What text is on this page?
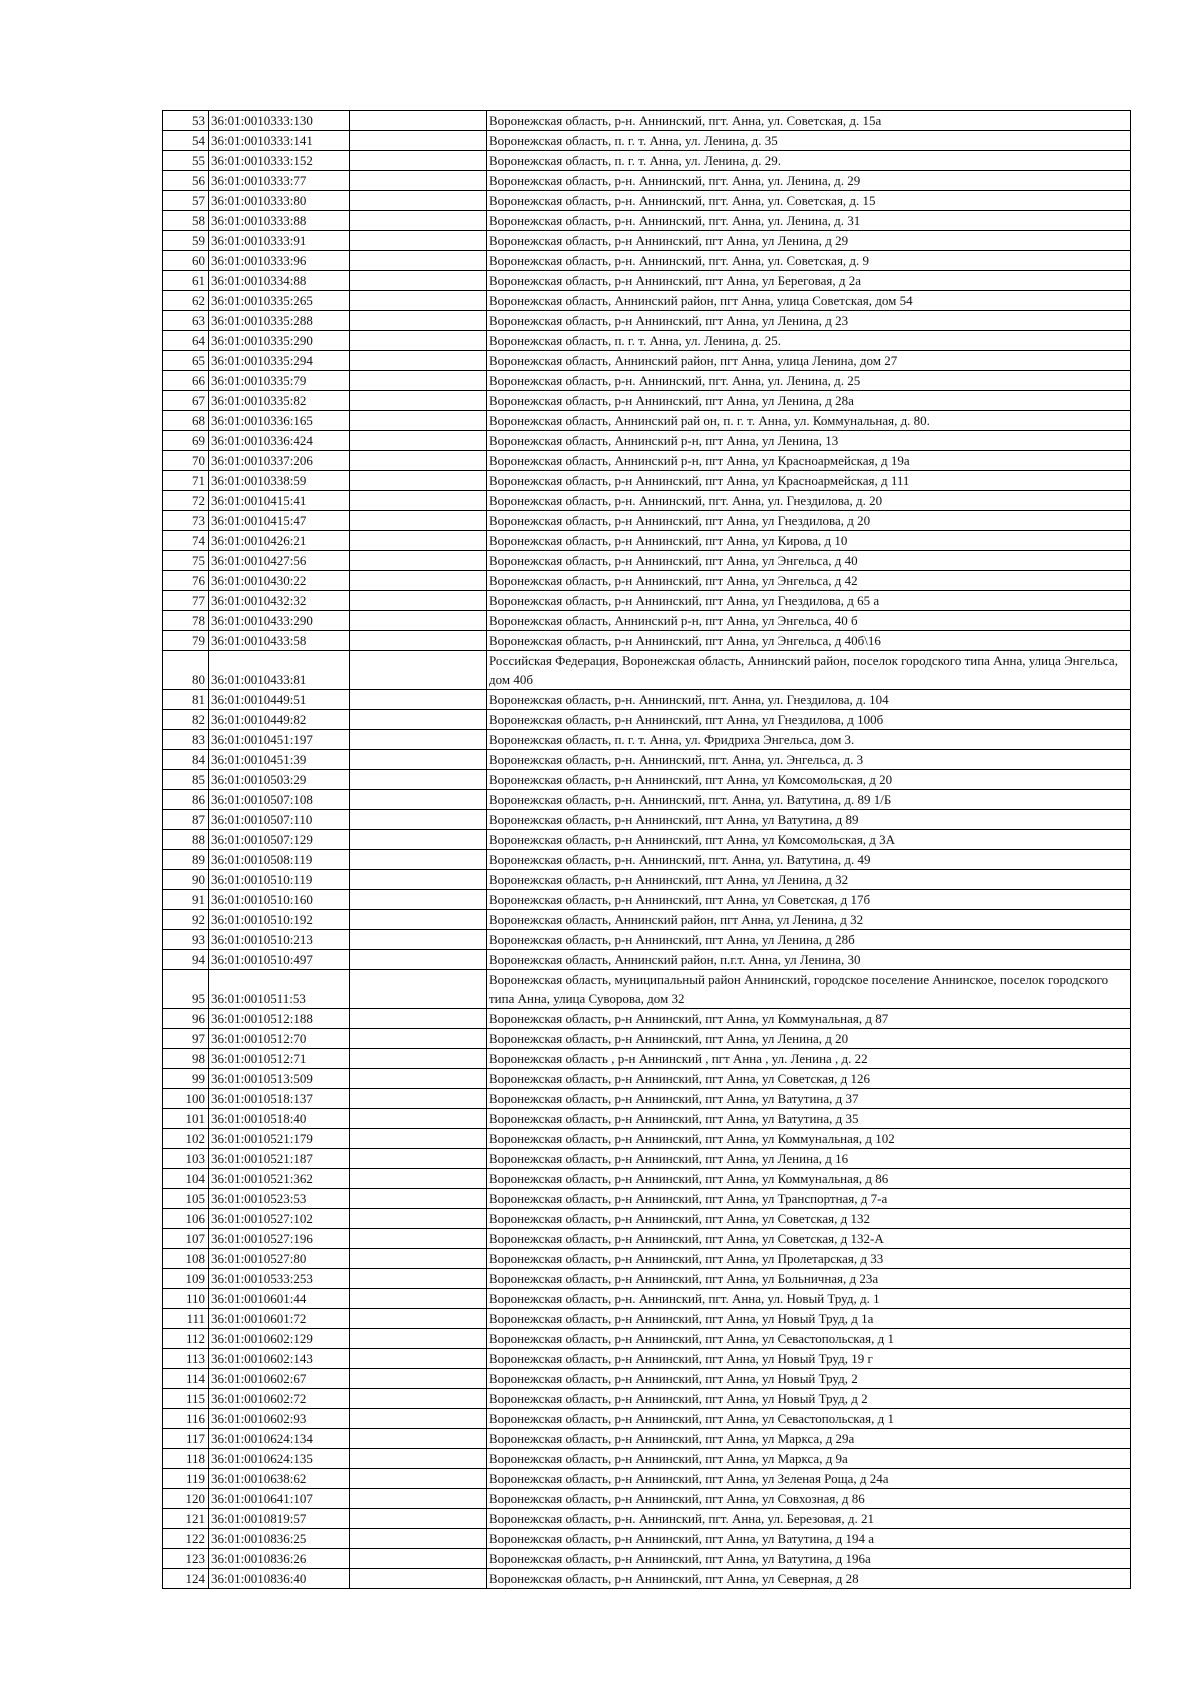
53	36:01:0010333:130		Воронежская область, р-н. Аннинский, пгт. Анна, ул. Советская, д. 15а
54	36:01:0010333:141		Воронежская область, п. г. т. Анна, ул. Ленина, д. 35
55	36:01:0010333:152		Воронежская область, п. г. т. Анна, ул. Ленина, д. 29.
56	36:01:0010333:77		Воронежская область, р-н. Аннинский, пгт. Анна, ул. Ленина, д. 29
57	36:01:0010333:80		Воронежская область, р-н. Аннинский, пгт. Анна, ул. Советская, д. 15
58	36:01:0010333:88		Воронежская область, р-н. Аннинский, пгт. Анна, ул. Ленина, д. 31
59	36:01:0010333:91		Воронежская область, р-н Аннинский, пгт Анна, ул Ленина, д 29
60	36:01:0010333:96		Воронежская область, р-н. Аннинский, пгт. Анна, ул. Советская, д. 9
61	36:01:0010334:88		Воронежская область, р-н Аннинский, пгт Анна, ул Береговая, д 2а
62	36:01:0010335:265		Воронежская область, Аннинский район, пгт Анна, улица Советская, дом 54
63	36:01:0010335:288		Воронежская область, р-н Аннинский, пгт Анна, ул Ленина, д 23
64	36:01:0010335:290		Воронежская область, п. г. т. Анна, ул. Ленина, д. 25.
65	36:01:0010335:294		Воронежская область, Аннинский район, пгт Анна, улица Ленина, дом 27
66	36:01:0010335:79		Воронежская область, р-н. Аннинский, пгт. Анна, ул. Ленина, д. 25
67	36:01:0010335:82		Воронежская область, р-н Аннинский, пгт Анна, ул Ленина, д 28а
68	36:01:0010336:165		Воронежская область, Аннинский рай он, п. г. т. Анна, ул. Коммунальная, д. 80.
69	36:01:0010336:424		Воронежская область, Аннинский р-н, пгт Анна, ул Ленина, 13
70	36:01:0010337:206		Воронежская область, Аннинский р-н, пгт Анна, ул Красноармейская, д 19а
71	36:01:0010338:59		Воронежская область, р-н Аннинский, пгт Анна, ул Красноармейская, д 111
72	36:01:0010415:41		Воронежская область, р-н. Аннинский, пгт. Анна, ул. Гнездилова, д. 20
73	36:01:0010415:47		Воронежская область, р-н Аннинский, пгт Анна, ул Гнездилова, д 20
74	36:01:0010426:21		Воронежская область, р-н Аннинский, пгт Анна, ул Кирова, д 10
75	36:01:0010427:56		Воронежская область, р-н Аннинский, пгт Анна, ул Энгельса, д 40
76	36:01:0010430:22		Воронежская область, р-н Аннинский, пгт Анна, ул Энгельса, д 42
77	36:01:0010432:32		Воронежская область, р-н Аннинский, пгт Анна, ул Гнездилова, д 65 а
78	36:01:0010433:290		Воронежская область, Аннинский р-н, пгт Анна, ул Энгельса, 40 б
79	36:01:0010433:58		Воронежская область, р-н Аннинский, пгт Анна, ул Энгельса, д 40б\16
80	36:01:0010433:81		Российская Федерация, Воронежская область, Аннинский район, поселок городского типа Анна, улица Энгельса, дом 40б
81	36:01:0010449:51		Воронежская область, р-н. Аннинский, пгт. Анна, ул. Гнездилова, д. 104
82	36:01:0010449:82		Воронежская область, р-н Аннинский, пгт Анна, ул Гнездилова, д 100б
83	36:01:0010451:197		Воронежская область, п. г. т. Анна, ул. Фридриха Энгельса, дом 3.
84	36:01:0010451:39		Воронежская область, р-н. Аннинский, пгт. Анна, ул. Энгельса, д. 3
85	36:01:0010503:29		Воронежская область, р-н Аннинский, пгт Анна, ул Комсомольская, д 20
86	36:01:0010507:108		Воронежская область, р-н. Аннинский, пгт. Анна, ул. Ватутина, д. 89 1/Б
87	36:01:0010507:110		Воронежская область, р-н Аннинский, пгт Анна, ул Ватутина, д 89
88	36:01:0010507:129		Воронежская область, р-н Аннинский, пгт Анна, ул Комсомольская, д 3А
89	36:01:0010508:119		Воронежская область, р-н. Аннинский, пгт. Анна, ул. Ватутина, д. 49
90	36:01:0010510:119		Воронежская область, р-н Аннинский, пгт Анна, ул Ленина, д 32
91	36:01:0010510:160		Воронежская область, р-н Аннинский, пгт Анна, ул Советская, д 17б
92	36:01:0010510:192		Воронежская область, Аннинский район, пгт Анна, ул Ленина, д 32
93	36:01:0010510:213		Воронежская область, р-н Аннинский, пгт Анна, ул Ленина, д 28б
94	36:01:0010510:497		Воронежская область, Аннинский район, п.г.т. Анна, ул Ленина, 30
95	36:01:0010511:53		Воронежская область, муниципальный район Аннинский, городское поселение Аннинское, поселок городского типа Анна, улица Суворова, дом 32
96	36:01:0010512:188		Воронежская область, р-н Аннинский, пгт Анна, ул Коммунальная, д 87
97	36:01:0010512:70		Воронежская область, р-н Аннинский, пгт Анна, ул Ленина, д 20
98	36:01:0010512:71		Воронежская область , р-н Аннинский , пгт Анна , ул. Ленина , д. 22
99	36:01:0010513:509		Воронежская область, р-н Аннинский, пгт Анна, ул Советская, д 126
100	36:01:0010518:137		Воронежская область, р-н Аннинский, пгт Анна, ул Ватутина, д 37
101	36:01:0010518:40		Воронежская область, р-н Аннинский, пгт Анна, ул Ватутина, д 35
102	36:01:0010521:179		Воронежская область, р-н Аннинский, пгт Анна, ул Коммунальная, д 102
103	36:01:0010521:187		Воронежская область, р-н Аннинский, пгт Анна, ул Ленина, д 16
104	36:01:0010521:362		Воронежская область, р-н Аннинский, пгт Анна, ул Коммунальная, д 86
105	36:01:0010523:53		Воронежская область, р-н Аннинский, пгт Анна, ул Транспортная, д 7-а
106	36:01:0010527:102		Воронежская область, р-н Аннинский, пгт Анна, ул Советская, д 132
107	36:01:0010527:196		Воронежская область, р-н Аннинский, пгт Анна, ул Советская, д 132-А
108	36:01:0010527:80		Воронежская область, р-н Аннинский, пгт Анна, ул Пролетарская, д 33
109	36:01:0010533:253		Воронежская область, р-н Аннинский, пгт Анна, ул Больничная, д 23а
110	36:01:0010601:44		Воронежская область, р-н. Аннинский, пгт. Анна, ул. Новый Труд, д. 1
111	36:01:0010601:72		Воронежская область, р-н Аннинский, пгт Анна, ул Новый Труд, д 1а
112	36:01:0010602:129		Воронежская область, р-н Аннинский, пгт Анна, ул Севастопольская, д 1
113	36:01:0010602:143		Воронежская область, р-н Аннинский, пгт Анна, ул Новый Труд, 19 г
114	36:01:0010602:67		Воронежская область, р-н Аннинский, пгт Анна, ул Новый Труд, 2
115	36:01:0010602:72		Воронежская область, р-н Аннинский, пгт Анна, ул Новый Труд, д 2
116	36:01:0010602:93		Воронежская область, р-н Аннинский, пгт Анна, ул Севастопольская, д 1
117	36:01:0010624:134		Воронежская область, р-н Аннинский, пгт Анна, ул Маркса, д 29а
118	36:01:0010624:135		Воронежская область, р-н Аннинский, пгт Анна, ул Маркса, д 9а
119	36:01:0010638:62		Воронежская область, р-н Аннинский, пгт Анна, ул Зеленая Роща, д 24а
120	36:01:0010641:107		Воронежская область, р-н Аннинский, пгт Анна, ул Совхозная, д 86
121	36:01:0010819:57		Воронежская область, р-н. Аннинский, пгт. Анна, ул. Березовая, д. 21
122	36:01:0010836:25		Воронежская область, р-н Аннинский, пгт Анна, ул Ватутина, д 194 а
123	36:01:0010836:26		Воронежская область, р-н Аннинский, пгт Анна, ул Ватутина, д 196а
124	36:01:0010836:40		Воронежская область, р-н Аннинский, пгт Анна, ул Северная, д 28
